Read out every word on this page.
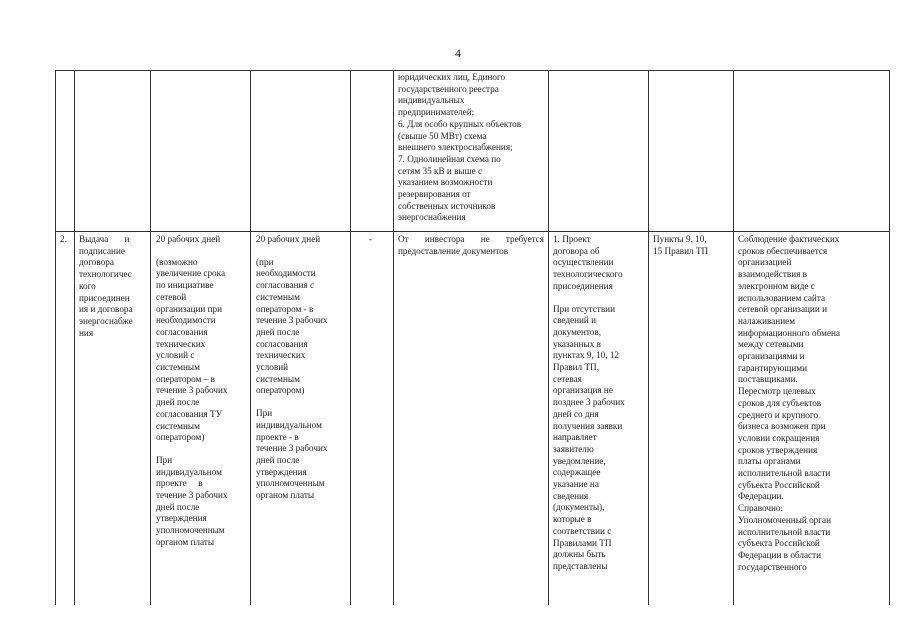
4

юридических лиц, Единого

государственного реестра

индивидуальных

предпринимателей;

6. Для особо крупных объектов

(свыше 50 МВт) схема

внешнего электроснабжения;

7. Однолинейная схема по

сетям 35 кВ и выше с

указанием возможности

резервирования от

собственных источников

энергоснабжения

2. Выдача       и

подписание

договора

технологичес

кого

присоединен

ия и договора

энергоснабже

ния

20 рабочих дней

(возможно

увеличение срока

по инициативе

сетевой

организации при

необходимости

согласования

технических

условий с

системным

оператором – в

течение 3 рабочих

дней после

согласования ТУ

системным

оператором)

При

индивидуальном

проекте     в

течение 3 рабочих

дней после

утверждения

уполномоченным

органом платы

20 рабочих дней

(при

необходимости

согласования с

системным

оператором - в

течение 3 рабочих

дней после

согласования

технических

условий

системным

оператором)

При

индивидуальном

проекте - в

течение 3 рабочих

дней после

утверждения

уполномоченным

органом платы

-	От инвестора не требуется

предоставление документов

1. Проект

договора об

осуществлении

технологического

присоединения

При отсутствии

сведений и

документов,

указанных в

пунктах 9, 10, 12

Правил ТП,

сетевая

организация не

позднее 3 рабочих

дней со дня

получения заявки

направляет

заявителю

уведомление,

содержащее

указание на

сведения

(документы),

которые в

соответствии с

Правилами ТП

должны быть

представлены

Пункты 9, 10,

15 Правил ТП

Соблюдение фактических

сроков обеспечивается

организацией

взаимодействия в

электронном виде с

использованием сайта

сетевой организации и

налаживанием

информационного обмена

между сетевыми

организациями и

гарантирующими

поставщиками.

Пересмотр целевых

сроков для субъектов

среднего и крупного

бизнеса возможен при

условии сокращения

сроков утверждения

платы органами

исполнительной власти

субъекта Российской

Федерации.

Справочно:

Уполномоченный орган

исполнительной власти

субъекта Российской

Федерации в области

государственного
